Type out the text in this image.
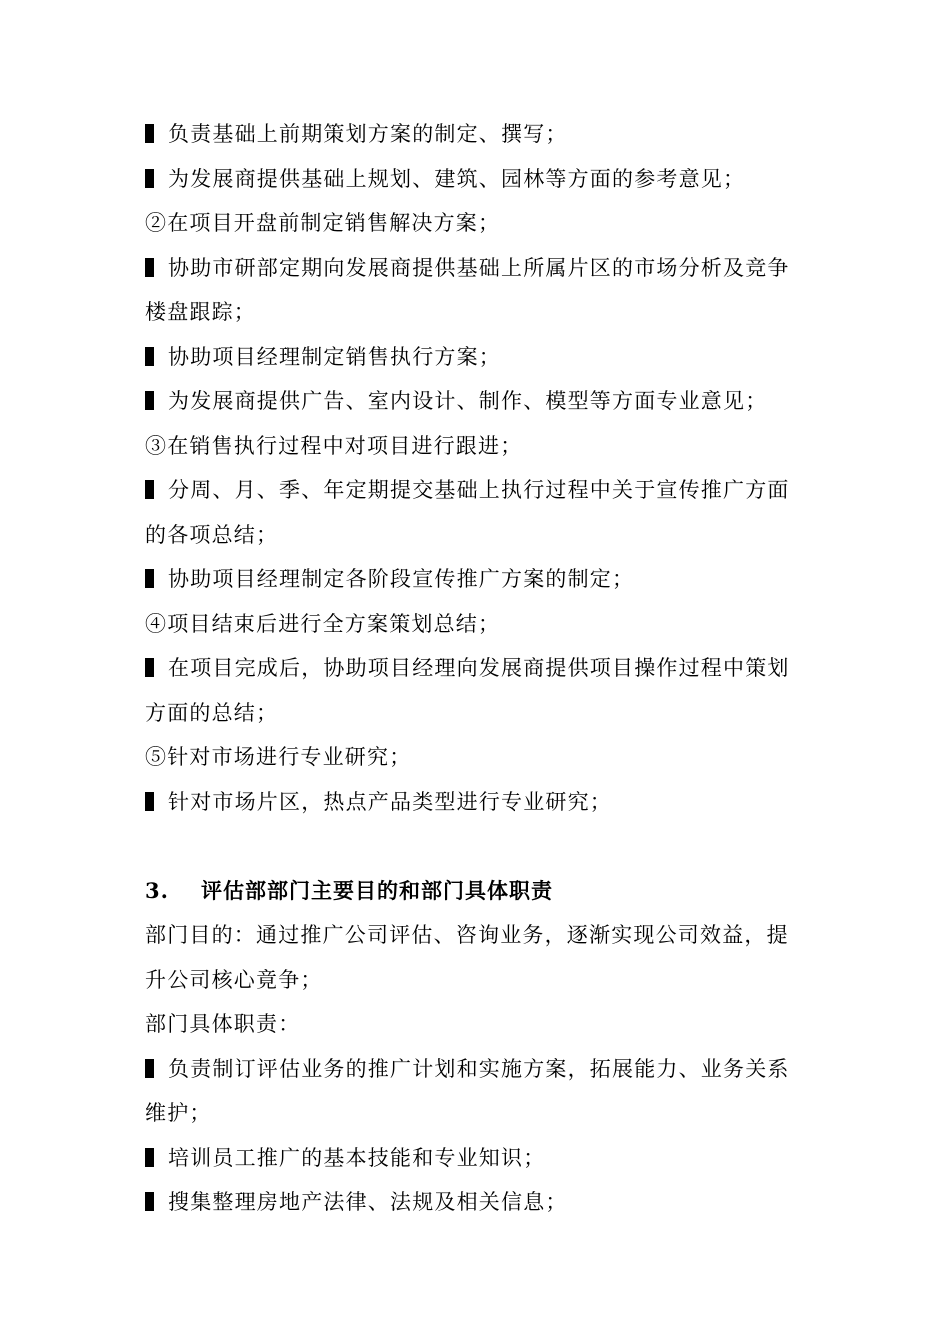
负责基础上前期策划方案的制定、撰写；
为发展商提供基础上规划、建筑、园林等方面的参考意见；
②在项目开盘前制定销售解决方案；
协助市研部定期向发展商提供基础上所属片区的市场分析及竞争
楼盘跟踪；
协助项目经理制定销售执行方案；
为发展商提供广告、室内设计、制作、模型等方面专业意见；
③在销售执行过程中对项目进行跟进；
分周、月、季、年定期提交基础上执行过程中关于宣传推广方面
的各项总结；
协助项目经理制定各阶段宣传推广方案的制定；
④项目结束后进行全方案策划总结；
在项目完成后，协助项目经理向发展商提供项目操作过程中策划
方面的总结；
⑤针对市场进行专业研究；
针对市场片区，热点产品类型进行专业研究；
3. 评估部部门主要目的和部门具体职责
部门目的：通过推广公司评估、咨询业务，逐渐实现公司效益，提
升公司核心竟争；
部门具体职责：
负责制订评估业务的推广计划和实施方案，拓展能力、业务关系
维护；
培训员工推广的基本技能和专业知识；
搜集整理房地产法律、法规及相关信息；
